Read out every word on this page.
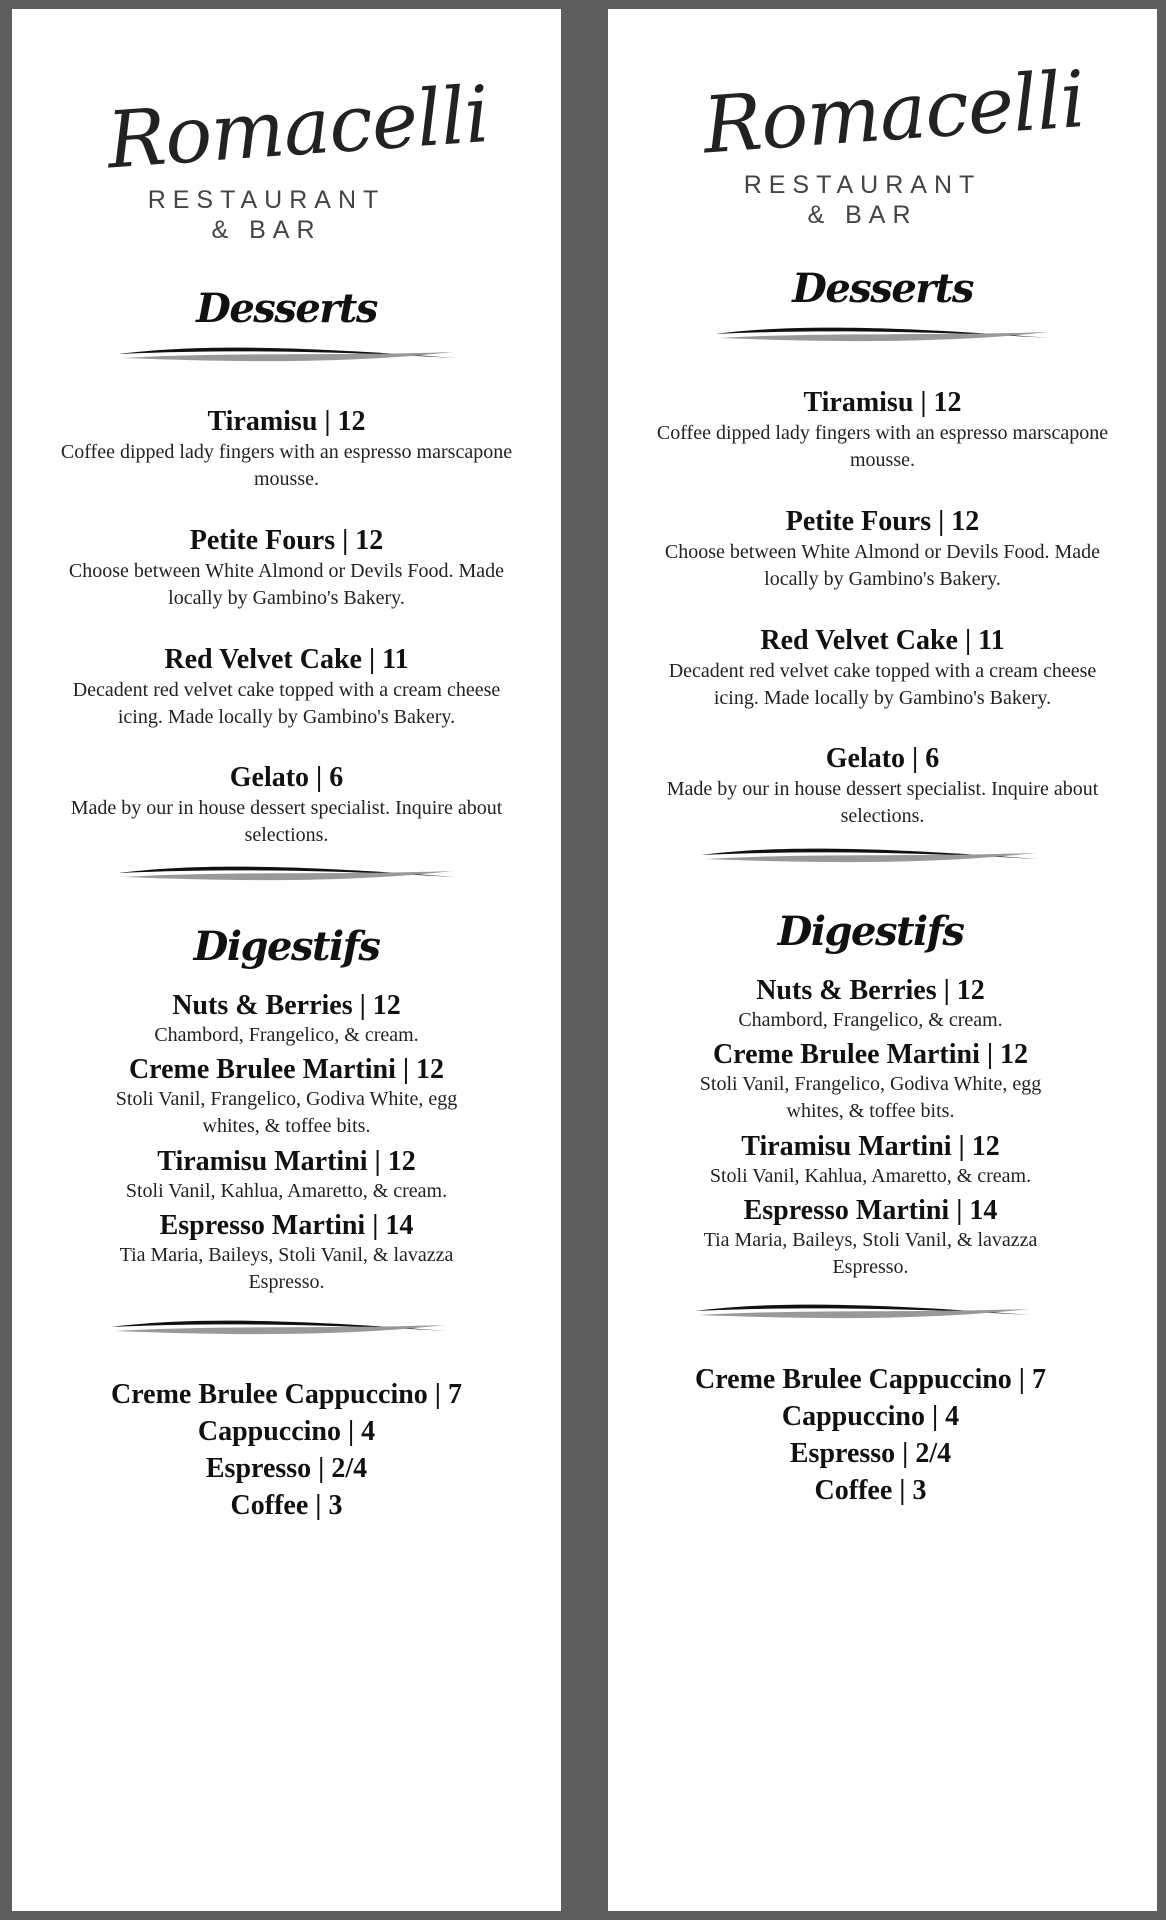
Romacelli
RESTAURANT
& BAR
Desserts
Tiramisu | 12
Coffee dipped lady fingers with an espresso marscapone mousse.
Petite Fours | 12
Choose between White Almond or Devils Food. Made locally by Gambino's Bakery.
Red Velvet Cake | 11
Decadent red velvet cake topped with a cream cheese icing. Made locally by Gambino's Bakery.
Gelato | 6
Made by our in house dessert specialist. Inquire about selections.
Digestifs
Nuts & Berries | 12
Chambord, Frangelico, & cream.
Creme Brulee Martini | 12
Stoli Vanil, Frangelico, Godiva White, egg whites, & toffee bits.
Tiramisu Martini | 12
Stoli Vanil, Kahlua, Amaretto, & cream.
Espresso Martini | 14
Tia Maria, Baileys, Stoli Vanil, & lavazza Espresso.
Creme Brulee Cappuccino | 7
Cappuccino | 4
Espresso | 2/4
Coffee | 3
Romacelli
RESTAURANT
& BAR
Desserts
Tiramisu | 12
Coffee dipped lady fingers with an espresso marscapone mousse.
Petite Fours | 12
Choose between White Almond or Devils Food. Made locally by Gambino's Bakery.
Red Velvet Cake | 11
Decadent red velvet cake topped with a cream cheese icing. Made locally by Gambino's Bakery.
Gelato | 6
Made by our in house dessert specialist. Inquire about selections.
Digestifs
Nuts & Berries | 12
Chambord, Frangelico, & cream.
Creme Brulee Martini | 12
Stoli Vanil, Frangelico, Godiva White, egg whites, & toffee bits.
Tiramisu Martini | 12
Stoli Vanil, Kahlua, Amaretto, & cream.
Espresso Martini | 14
Tia Maria, Baileys, Stoli Vanil, & lavazza Espresso.
Creme Brulee Cappuccino | 7
Cappuccino | 4
Espresso | 2/4
Coffee | 3
